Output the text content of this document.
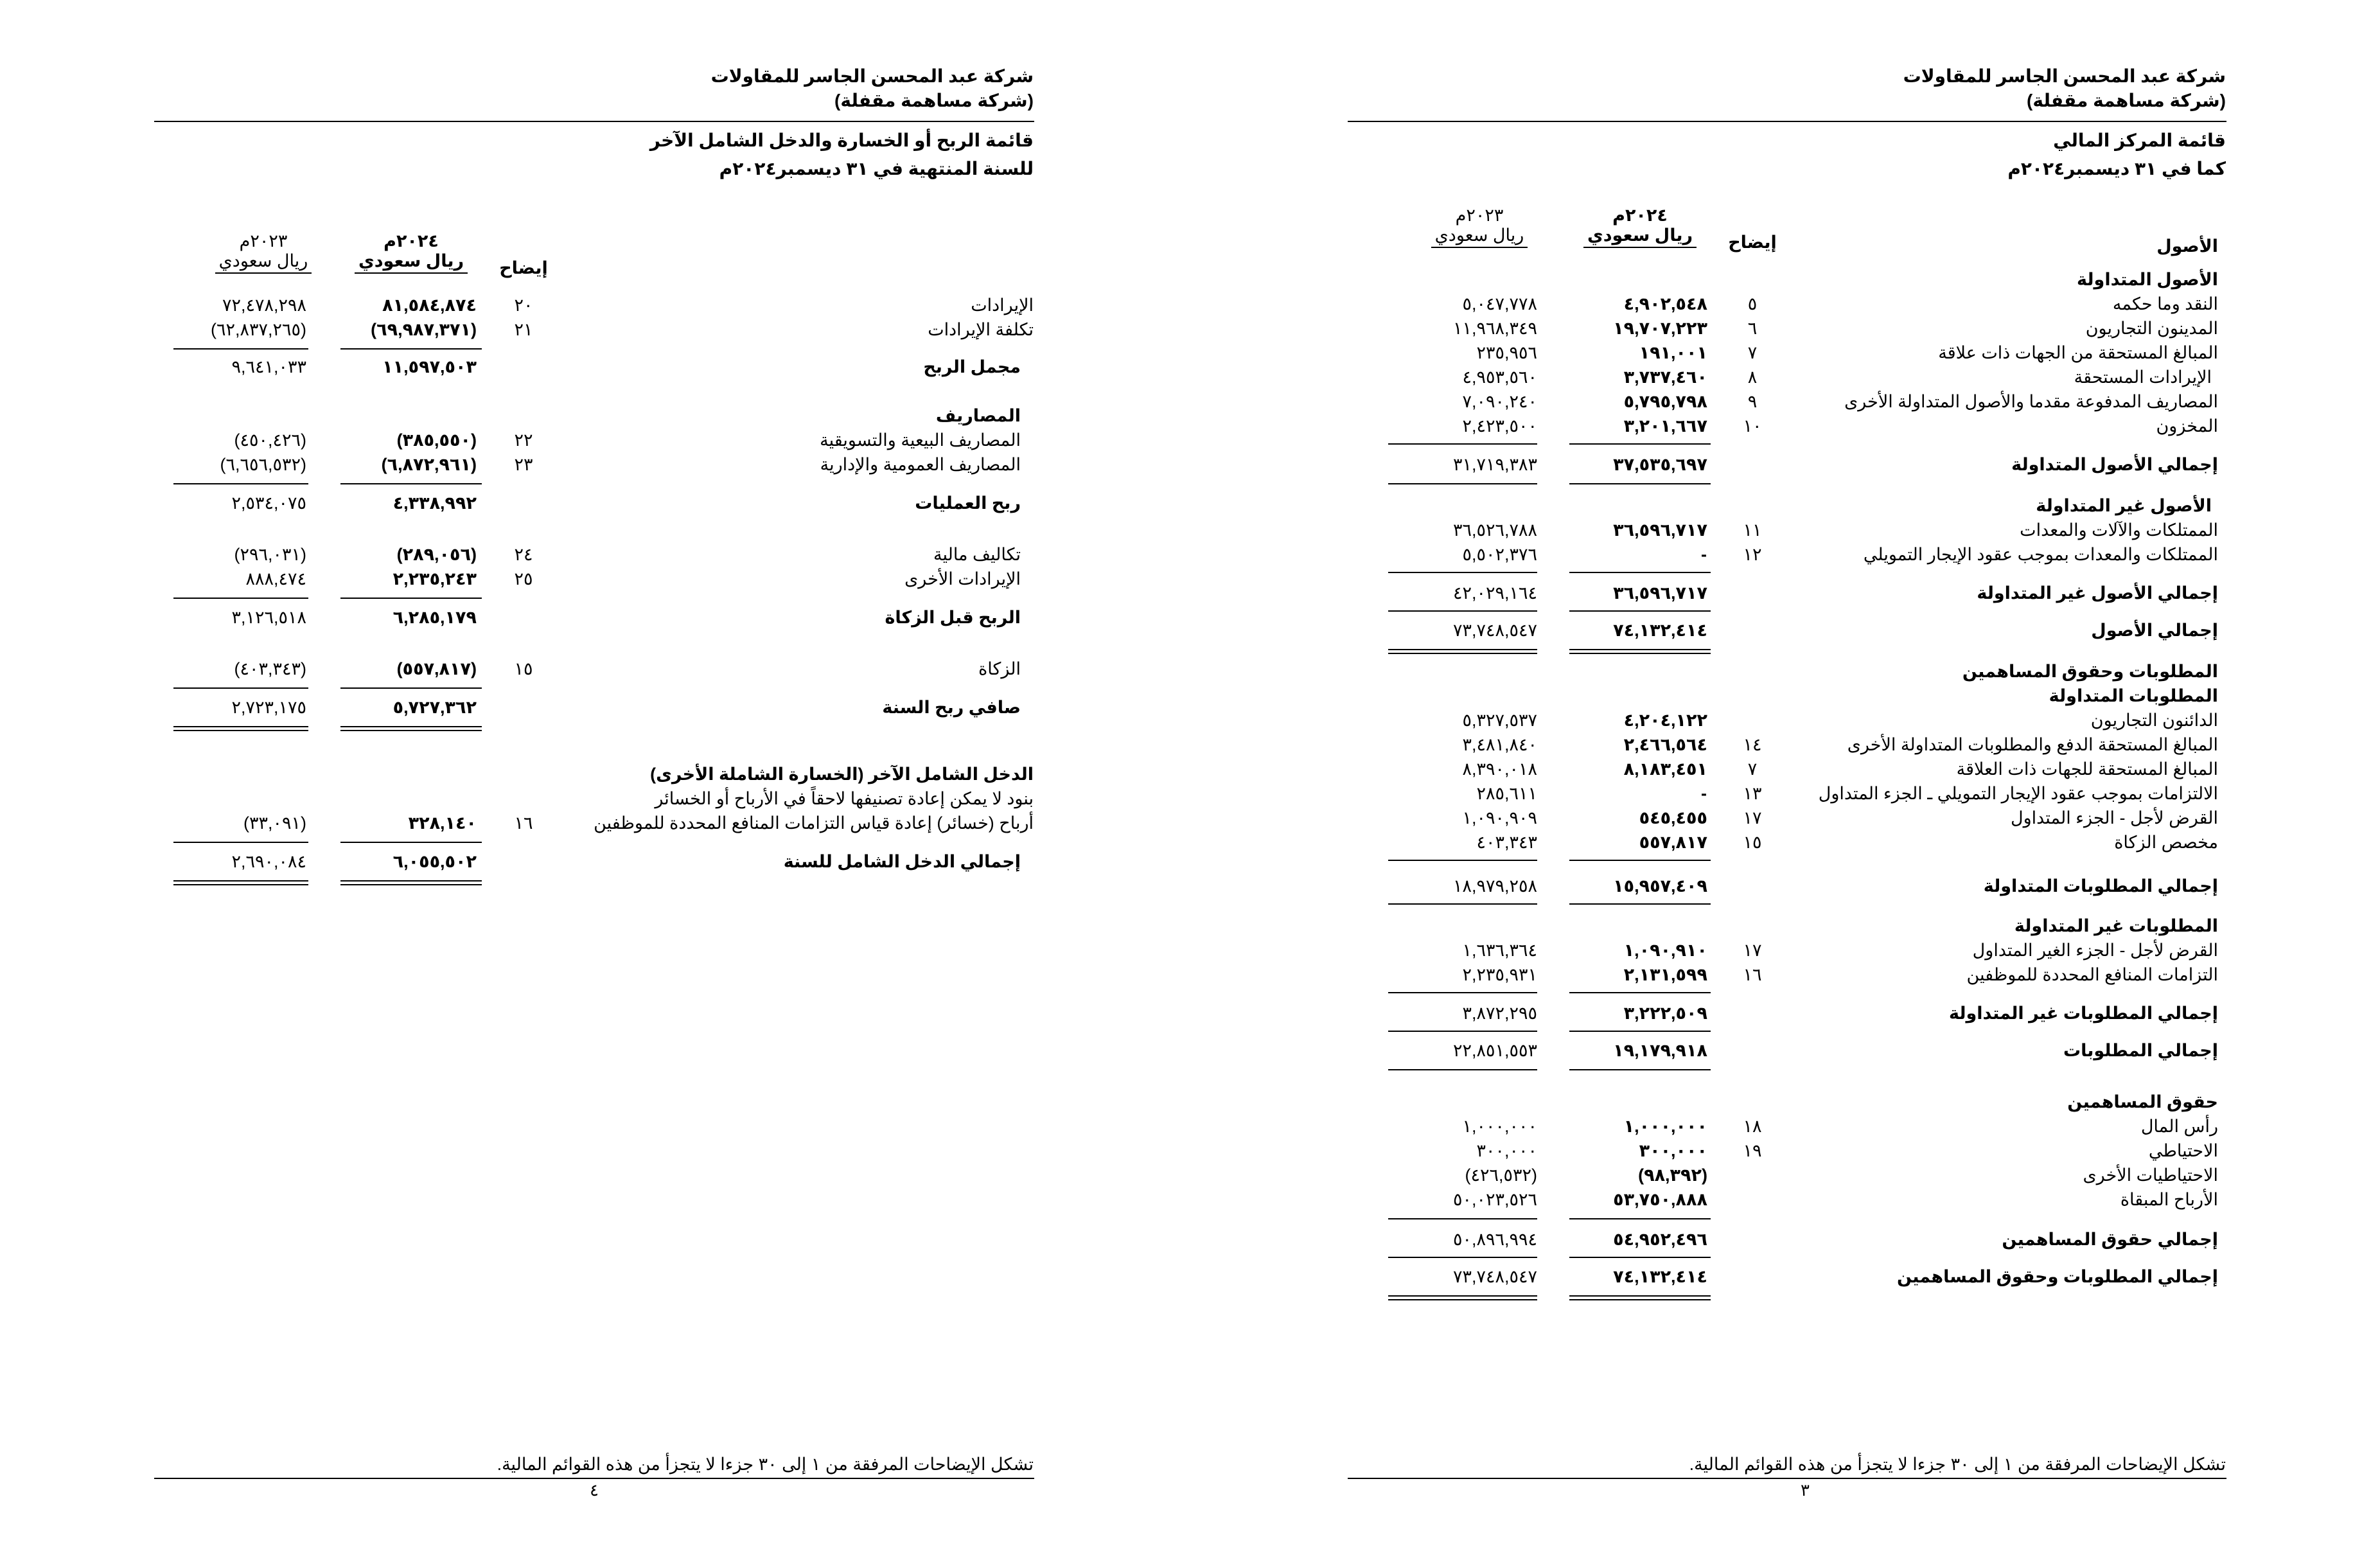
شركة عبد المحسن الجاسر للمقاولات
(شركة مساهمة مقفلة)
قائمة الربح أو الخسارة والدخل الشامل الآخر
للسنة المنتهية في ٣١ ديسمبر٢٠٢٤م
إيضاح
٢٠٢٤م
ريال سعودي
٢٠٢٣م
ريال سعودي
الإيرادات
٢٠
٨١,٥٨٤,٨٧٤
٧٢,٤٧٨,٢٩٨
تكلفة الإيرادات
٢١
(٦٩,٩٨٧,٣٧١)
(٦٢,٨٣٧,٢٦٥)
مجمل الربح
١١,٥٩٧,٥٠٣
٩,٦٤١,٠٣٣
المصاريف
المصاريف البيعية والتسويقية
٢٢
(٣٨٥,٥٥٠)
(٤٥٠,٤٢٦)
المصاريف العمومية والإدارية
٢٣
(٦,٨٧٢,٩٦١)
(٦,٦٥٦,٥٣٢)
ربح العمليات
٤,٣٣٨,٩٩٢
٢,٥٣٤,٠٧٥
تكاليف مالية
٢٤
(٢٨٩,٠٥٦)
(٢٩٦,٠٣١)
الإيرادات الأخرى
٢٥
٢,٢٣٥,٢٤٣
٨٨٨,٤٧٤
الربح قبل الزكاة
٦,٢٨٥,١٧٩
٣,١٢٦,٥١٨
الزكاة
١٥
(٥٥٧,٨١٧)
(٤٠٣,٣٤٣)
صافي ربح السنة
٥,٧٢٧,٣٦٢
٢,٧٢٣,١٧٥
الدخل الشامل الآخر (الخسارة الشاملة الأخرى)
بنود لا يمكن إعادة تصنيفها لاحقاً في الأرباح أو الخسائر
أرباح (خسائر) إعادة قياس التزامات المنافع المحددة للموظفين
١٦
٣٢٨,١٤٠
(٣٣,٠٩١)
إجمالي الدخل الشامل للسنة
٦,٠٥٥,٥٠٢
٢,٦٩٠,٠٨٤
تشكل الإيضاحات المرفقة من ١ إلى ٣٠ جزءا لا يتجزأ من هذه القوائم المالية.
٤
شركة عبد المحسن الجاسر للمقاولات
(شركة مساهمة مقفلة)
قائمة المركز المالي
كما في ٣١ ديسمبر٢٠٢٤م
إيضاح
٢٠٢٤م
ريال سعودي
٢٠٢٣م
ريال سعودي
الأصول
الأصول المتداولة
النقد وما حكمه
٥
٤,٩٠٢,٥٤٨
٥,٠٤٧,٧٧٨
المدينون التجاريون
٦
١٩,٧٠٧,٢٢٣
١١,٩٦٨,٣٤٩
المبالغ المستحقة من الجهات ذات علاقة
٧
١٩١,٠٠١
٢٣٥,٩٥٦
الإيرادات المستحقة
٨
٣,٧٣٧,٤٦٠
٤,٩٥٣,٥٦٠
المصاريف المدفوعة مقدما والأصول المتداولة الأخرى
٩
٥,٧٩٥,٧٩٨
٧,٠٩٠,٢٤٠
المخزون
١٠
٣,٢٠١,٦٦٧
٢,٤٢٣,٥٠٠
إجمالي الأصول المتداولة
٣٧,٥٣٥,٦٩٧
٣١,٧١٩,٣٨٣
الأصول غير المتداولة
الممتلكات والآلات والمعدات
١١
٣٦,٥٩٦,٧١٧
٣٦,٥٢٦,٧٨٨
الممتلكات والمعدات بموجب عقود الإيجار التمويلي
١٢
-
٥,٥٠٢,٣٧٦
إجمالي الأصول غير المتداولة
٣٦,٥٩٦,٧١٧
٤٢,٠٢٩,١٦٤
إجمالي الأصول
٧٤,١٣٢,٤١٤
٧٣,٧٤٨,٥٤٧
المطلوبات وحقوق المساهمين
المطلوبات المتداولة
الدائنون التجاريون
٤,٢٠٤,١٢٢
٥,٣٢٧,٥٣٧
المبالغ المستحقة الدفع والمطلوبات المتداولة الأخرى
١٤
٢,٤٦٦,٥٦٤
٣,٤٨١,٨٤٠
المبالغ المستحقة للجهات ذات العلاقة
٧
٨,١٨٣,٤٥١
٨,٣٩٠,٠١٨
الالتزامات بموجب عقود الإيجار التمويلي ـ الجزء المتداول
١٣
-
٢٨٥,٦١١
القرض لأجل - الجزء المتداول
١٧
٥٤٥,٤٥٥
١,٠٩٠,٩٠٩
مخصص الزكاة
١٥
٥٥٧,٨١٧
٤٠٣,٣٤٣
إجمالي المطلوبات المتداولة
١٥,٩٥٧,٤٠٩
١٨,٩٧٩,٢٥٨
المطلوبات غير المتداولة
القرض لأجل - الجزء الغير المتداول
١٧
١,٠٩٠,٩١٠
١,٦٣٦,٣٦٤
التزامات المنافع المحددة للموظفين
١٦
٢,١٣١,٥٩٩
٢,٢٣٥,٩٣١
إجمالي المطلوبات غير المتداولة
٣,٢٢٢,٥٠٩
٣,٨٧٢,٢٩٥
إجمالي المطلوبات
١٩,١٧٩,٩١٨
٢٢,٨٥١,٥٥٣
حقوق المساهمين
رأس المال
١٨
١,٠٠٠,٠٠٠
١,٠٠٠,٠٠٠
الاحتياطي
١٩
٣٠٠,٠٠٠
٣٠٠,٠٠٠
الاحتياطيات الأخرى
(٩٨,٣٩٢)
(٤٢٦,٥٣٢)
الأرباح المبقاة
٥٣,٧٥٠,٨٨٨
٥٠,٠٢٣,٥٢٦
إجمالي حقوق المساهمين
٥٤,٩٥٢,٤٩٦
٥٠,٨٩٦,٩٩٤
إجمالي المطلوبات وحقوق المساهمين
٧٤,١٣٢,٤١٤
٧٣,٧٤٨,٥٤٧
تشكل الإيضاحات المرفقة من ١ إلى ٣٠ جزءا لا يتجزأ من هذه القوائم المالية.
٣
